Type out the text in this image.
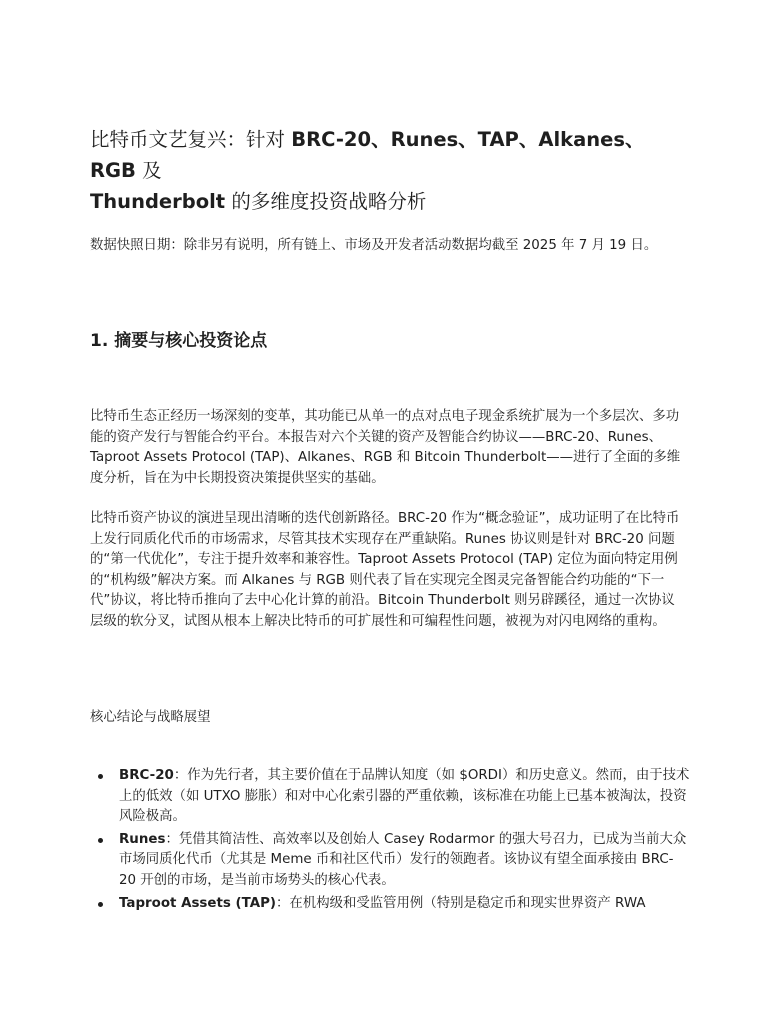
比特币文艺复兴：针对 BRC-20、Runes、TAP、Alkanes、RGB 及
Thunderbolt 的多维度投资战略分析

数据快照日期：除非另有说明，所有链上、市场及开发者活动数据均截至 2025 年 7 月 19 日。

1. 摘要与核心投资论点

比特币生态正经历一场深刻的变革，其功能已从单一的点对点电子现金系统扩展为一个多层次、多功能的资产发行与智能合约平台。本报告对六个关键的资产及智能合约协议——BRC-20、Runes、Taproot Assets Protocol (TAP)、Alkanes、RGB 和 Bitcoin Thunderbolt——进行了全面的多维度分析，旨在为中长期投资决策提供坚实的基础。

比特币资产协议的演进呈现出清晰的迭代创新路径。BRC-20 作为“概念验证”，成功证明了在比特币上发行同质化代币的市场需求，尽管其技术实现存在严重缺陷。Runes 协议则是针对 BRC-20 问题的“第一代优化”，专注于提升效率和兼容性。Taproot Assets Protocol (TAP) 定位为面向特定用例的“机构级”解决方案。而 Alkanes 与 RGB 则代表了旨在实现完全图灵完备智能合约功能的“下一代”协议，将比特币推向了去中心化计算的前沿。Bitcoin Thunderbolt 则另辟蹊径，通过一次协议层级的软分叉，试图从根本上解决比特币的可扩展性和可编程性问题，被视为对闪电网络的重构。

核心结论与战略展望

BRC-20：作为先行者，其主要价值在于品牌认知度（如 $ORDI）和历史意义。然而，由于技术上的低效（如 UTXO 膨胀）和对中心化索引器的严重依赖，该标准在功能上已基本被淘汰，投资风险极高。
Runes：凭借其简洁性、高效率以及创始人 Casey Rodarmor 的强大号召力，已成为当前大众市场同质化代币（尤其是 Meme 币和社区代币）发行的领跑者。该协议有望全面承接由 BRC-20 开创的市场，是当前市场势头的核心代表。
Taproot Assets (TAP)：在机构级和受监管用例（特别是稳定币和现实世界资产 RWA
